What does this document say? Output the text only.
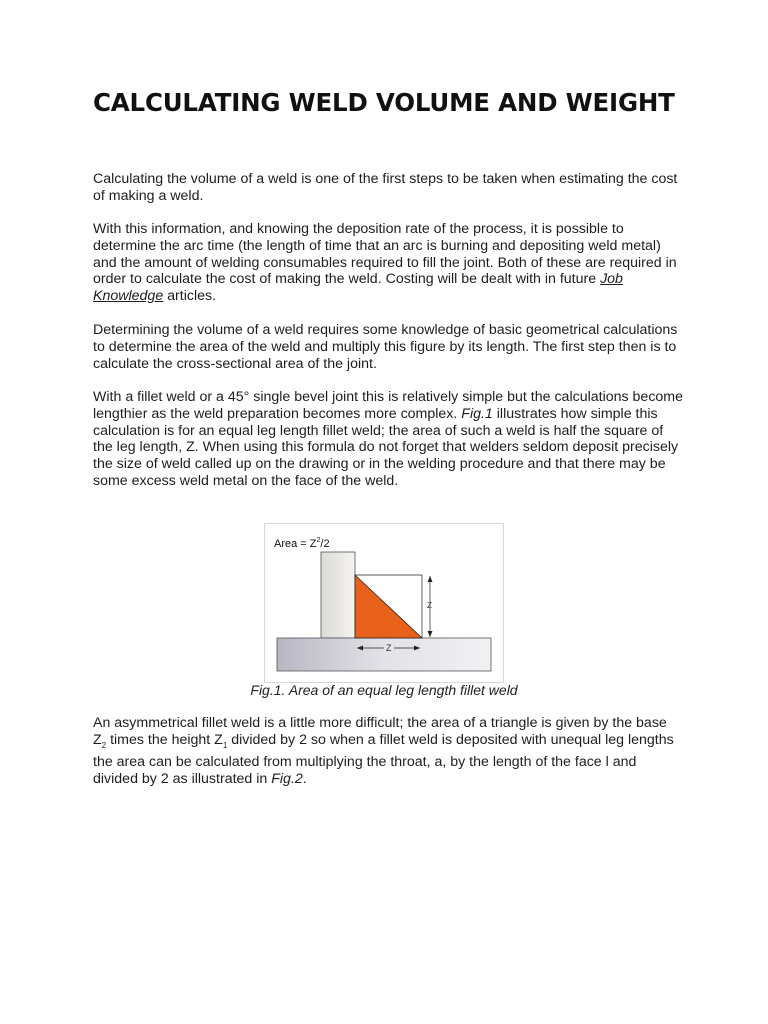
CALCULATING WELD VOLUME AND WEIGHT

Calculating the volume of a weld is one of the first steps to be taken when estimating the cost of making a weld.

With this information, and knowing the deposition rate of the process, it is possible to determine the arc time (the length of time that an arc is burning and depositing weld metal) and the amount of welding consumables required to fill the joint. Both of these are required in order to calculate the cost of making the weld. Costing will be dealt with in future Job Knowledge articles.

Determining the volume of a weld requires some knowledge of basic geometrical calculations to determine the area of the weld and multiply this figure by its length. The first step then is to calculate the cross-sectional area of the joint.

With a fillet weld or a 45° single bevel joint this is relatively simple but the calculations become lengthier as the weld preparation becomes more complex. Fig.1 illustrates how simple this calculation is for an equal leg length fillet weld; the area of such a weld is half the square of the leg length, Z. When using this formula do not forget that welders seldom deposit precisely the size of weld called up on the drawing or in the welding procedure and that there may be some excess weld metal on the face of the weld.

Area = $Z^2/2$
Z
Z
Fig.1. Area of an equal leg length fillet weld

An asymmetrical fillet weld is a little more difficult; the area of a triangle is given by the base $Z_2$ times the height $Z_1$ divided by 2 so when a fillet weld is deposited with unequal leg lengths the area can be calculated from multiplying the throat, a, by the length of the face l and divided by 2 as illustrated in Fig.2.
